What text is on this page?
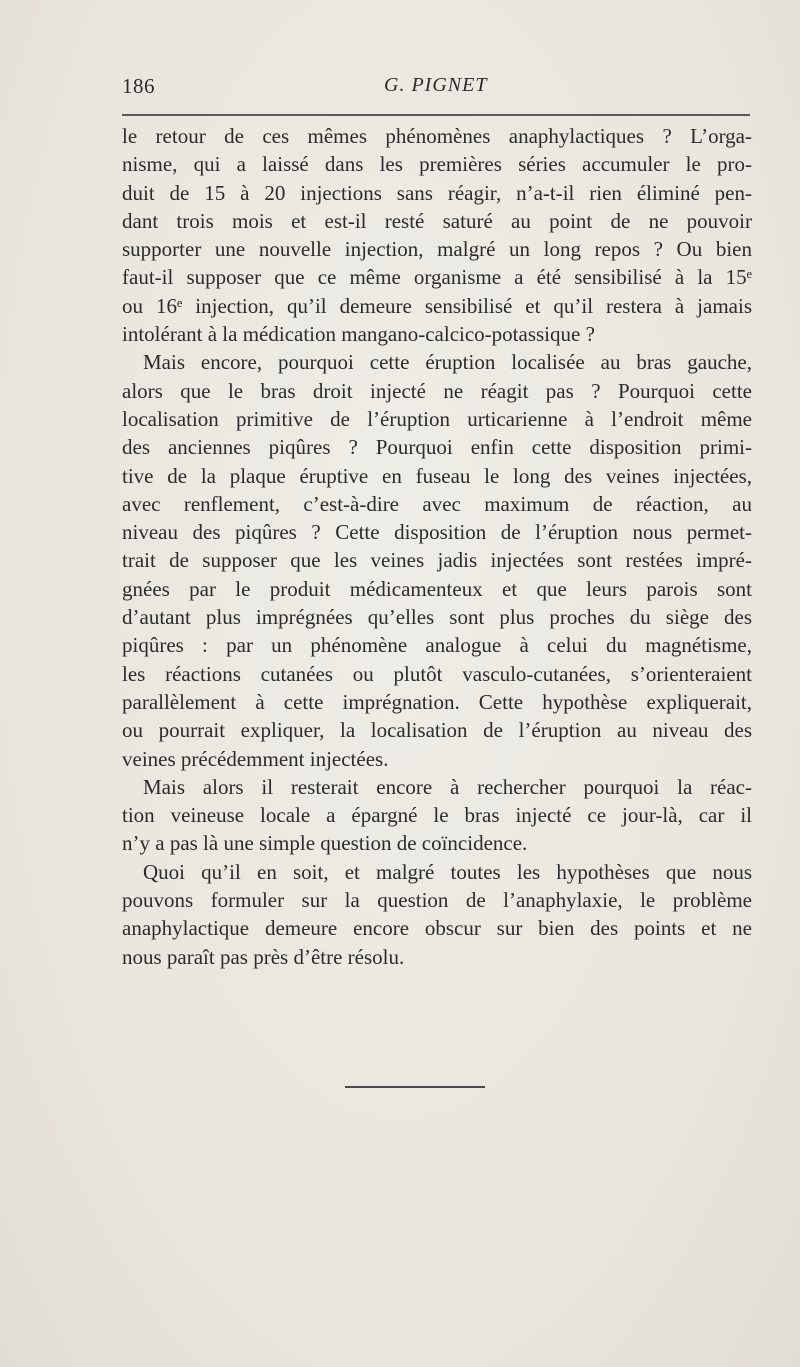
186	G. PIGNET
le retour de ces mêmes phénomènes anaphylactiques ? L’orga-
nisme, qui a laissé dans les premières séries accumuler le pro-
duit de 15 à 20 injections sans réagir, n’a-t-il rien éliminé pen-
dant trois mois et est-il resté saturé au point de ne pouvoir
supporter une nouvelle injection, malgré un long repos ? Ou bien
faut-il supposer que ce même organisme a été sensibilisé à la 15ᵉ
ou 16ᵉ injection, qu’il demeure sensibilisé et qu’il restera à jamais
intolérant à la médication mangano-calcico-potassique ?
Mais encore, pourquoi cette éruption localisée au bras gauche,
alors que le bras droit injecté ne réagit pas ? Pourquoi cette
localisation primitive de l’éruption urticarienne à l’endroit même
des anciennes piqûres ? Pourquoi enfin cette disposition primi-
tive de la plaque éruptive en fuseau le long des veines injectées,
avec renflement, c’est-à-dire avec maximum de réaction, au
niveau des piqûres ? Cette disposition de l’éruption nous permet-
trait de supposer que les veines jadis injectées sont restées impré-
gnées par le produit médicamenteux et que leurs parois sont
d’autant plus imprégnées qu’elles sont plus proches du siège des
piqûres : par un phénomène analogue à celui du magnétisme,
les réactions cutanées ou plutôt vasculo-cutanées, s’orienteraient
parallèlement à cette imprégnation. Cette hypothèse expliquerait,
ou pourrait expliquer, la localisation de l’éruption au niveau des
veines précédemment injectées.
Mais alors il resterait encore à rechercher pourquoi la réac-
tion veineuse locale a épargné le bras injecté ce jour-là, car il
n’y a pas là une simple question de coïncidence.
Quoi qu’il en soit, et malgré toutes les hypothèses que nous
pouvons formuler sur la question de l’anaphylaxie, le problème
anaphylactique demeure encore obscur sur bien des points et ne
nous paraît pas près d’être résolu.
